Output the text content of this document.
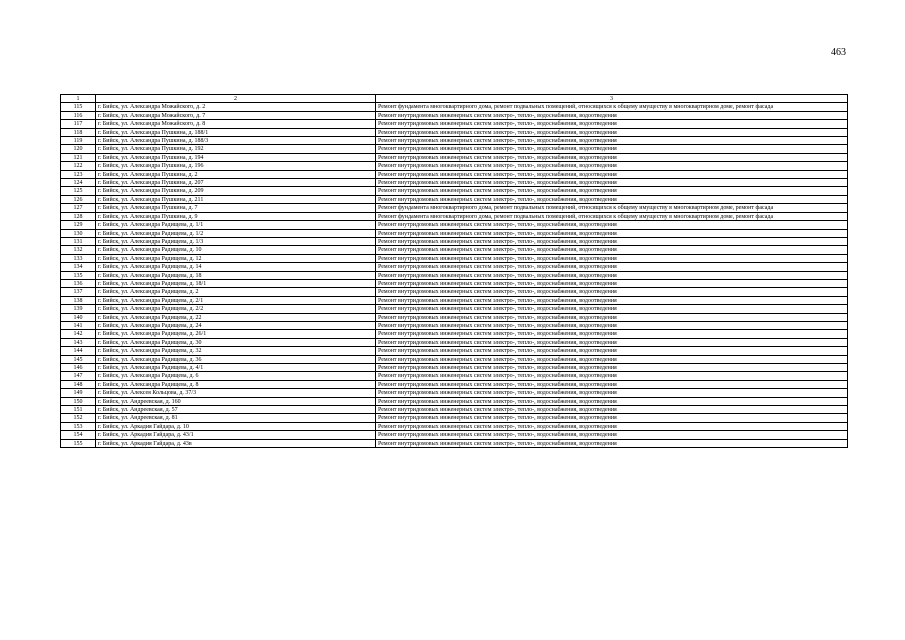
463
1	2	3
115	г. Бийск, ул. Александра Можайского, д. 2	Ремонт фундамента многоквартирного дома, ремонт подвальных помещений, относящихся к общему имуществу в многоквартирном доме, ремонт фасада
116	г. Бийск, ул. Александра Можайского, д. 7	Ремонт внутридомовых инженерных систем электро-, тепло-, водоснабжения, водоотведения
117	г. Бийск, ул. Александра Можайского, д. 8	Ремонт внутридомовых инженерных систем электро-, тепло-, водоснабжения, водоотведения
118	г. Бийск, ул. Александра Пушкина, д. 188/1	Ремонт внутридомовых инженерных систем электро-, тепло-, водоснабжения, водоотведения
119	г. Бийск, ул. Александра Пушкина, д. 188/3	Ремонт внутридомовых инженерных систем электро-, тепло-, водоснабжения, водоотведения
120	г. Бийск, ул. Александра Пушкина, д. 192	Ремонт внутридомовых инженерных систем электро-, тепло-, водоснабжения, водоотведения
121	г. Бийск, ул. Александра Пушкина, д. 194	Ремонт внутридомовых инженерных систем электро-, тепло-, водоснабжения, водоотведения
122	г. Бийск, ул. Александра Пушкина, д. 196	Ремонт внутридомовых инженерных систем электро-, тепло-, водоснабжения, водоотведения
123	г. Бийск, ул. Александра Пушкина, д. 2	Ремонт внутридомовых инженерных систем электро-, тепло-, водоснабжения, водоотведения
124	г. Бийск, ул. Александра Пушкина, д. 207	Ремонт внутридомовых инженерных систем электро-, тепло-, водоснабжения, водоотведения
125	г. Бийск, ул. Александра Пушкина, д. 209	Ремонт внутридомовых инженерных систем электро-, тепло-, водоснабжения, водоотведения
126	г. Бийск, ул. Александра Пушкина, д. 211	Ремонт внутридомовых инженерных систем электро-, тепло-, водоснабжения, водоотведения
127	г. Бийск, ул. Александра Пушкина, д. 7	Ремонт фундамента многоквартирного дома, ремонт подвальных помещений, относящихся к общему имуществу в многоквартирном доме, ремонт фасада
128	г. Бийск, ул. Александра Пушкина, д. 9	Ремонт фундамента многоквартирного дома, ремонт подвальных помещений, относящихся к общему имуществу в многоквартирном доме, ремонт фасада
129	г. Бийск, ул. Александра Радищева, д. 1/1	Ремонт внутридомовых инженерных систем электро-, тепло-, водоснабжения, водоотведения
130	г. Бийск, ул. Александра Радищева, д. 1/2	Ремонт внутридомовых инженерных систем электро-, тепло-, водоснабжения, водоотведения
131	г. Бийск, ул. Александра Радищева, д. 1/3	Ремонт внутридомовых инженерных систем электро-, тепло-, водоснабжения, водоотведения
132	г. Бийск, ул. Александра Радищева, д. 10	Ремонт внутридомовых инженерных систем электро-, тепло-, водоснабжения, водоотведения
133	г. Бийск, ул. Александра Радищева, д. 12	Ремонт внутридомовых инженерных систем электро-, тепло-, водоснабжения, водоотведения
134	г. Бийск, ул. Александра Радищева, д. 14	Ремонт внутридомовых инженерных систем электро-, тепло-, водоснабжения, водоотведения
135	г. Бийск, ул. Александра Радищева, д. 18	Ремонт внутридомовых инженерных систем электро-, тепло-, водоснабжения, водоотведения
136	г. Бийск, ул. Александра Радищева, д. 18/1	Ремонт внутридомовых инженерных систем электро-, тепло-, водоснабжения, водоотведения
137	г. Бийск, ул. Александра Радищева, д. 2	Ремонт внутридомовых инженерных систем электро-, тепло-, водоснабжения, водоотведения
138	г. Бийск, ул. Александра Радищева, д. 2/1	Ремонт внутридомовых инженерных систем электро-, тепло-, водоснабжения, водоотведения
139	г. Бийск, ул. Александра Радищева, д. 2/2	Ремонт внутридомовых инженерных систем электро-, тепло-, водоснабжения, водоотведения
140	г. Бийск, ул. Александра Радищева, д. 22	Ремонт внутридомовых инженерных систем электро-, тепло-, водоснабжения, водоотведения
141	г. Бийск, ул. Александра Радищева, д. 24	Ремонт внутридомовых инженерных систем электро-, тепло-, водоснабжения, водоотведения
142	г. Бийск, ул. Александра Радищева, д. 26/1	Ремонт внутридомовых инженерных систем электро-, тепло-, водоснабжения, водоотведения
143	г. Бийск, ул. Александра Радищева, д. 30	Ремонт внутридомовых инженерных систем электро-, тепло-, водоснабжения, водоотведения
144	г. Бийск, ул. Александра Радищева, д. 32	Ремонт внутридомовых инженерных систем электро-, тепло-, водоснабжения, водоотведения
145	г. Бийск, ул. Александра Радищева, д. 36	Ремонт внутридомовых инженерных систем электро-, тепло-, водоснабжения, водоотведения
146	г. Бийск, ул. Александра Радищева, д. 4/1	Ремонт внутридомовых инженерных систем электро-, тепло-, водоснабжения, водоотведения
147	г. Бийск, ул. Александра Радищева, д. 6	Ремонт внутридомовых инженерных систем электро-, тепло-, водоснабжения, водоотведения
148	г. Бийск, ул. Александра Радищева, д. 8	Ремонт внутридомовых инженерных систем электро-, тепло-, водоснабжения, водоотведения
149	г. Бийск, ул. Алексея Кольцова, д. 37/3	Ремонт внутридомовых инженерных систем электро-, тепло-, водоснабжения, водоотведения
150	г. Бийск, ул. Андреевская, д. 160	Ремонт внутридомовых инженерных систем электро-, тепло-, водоснабжения, водоотведения
151	г. Бийск, ул. Андреевская, д. 57	Ремонт внутридомовых инженерных систем электро-, тепло-, водоснабжения, водоотведения
152	г. Бийск, ул. Андреевская, д. 81	Ремонт внутридомовых инженерных систем электро-, тепло-, водоснабжения, водоотведения
153	г. Бийск, ул. Аркадия Гайдара, д. 10	Ремонт внутридомовых инженерных систем электро-, тепло-, водоснабжения, водоотведения
154	г. Бийск, ул. Аркадия Гайдара, д. 43/1	Ремонт внутридомовых инженерных систем электро-, тепло-, водоснабжения, водоотведения
155	г. Бийск, ул. Аркадия Гайдара, д. 43в	Ремонт внутридомовых инженерных систем электро-, тепло-, водоснабжения, водоотведения
